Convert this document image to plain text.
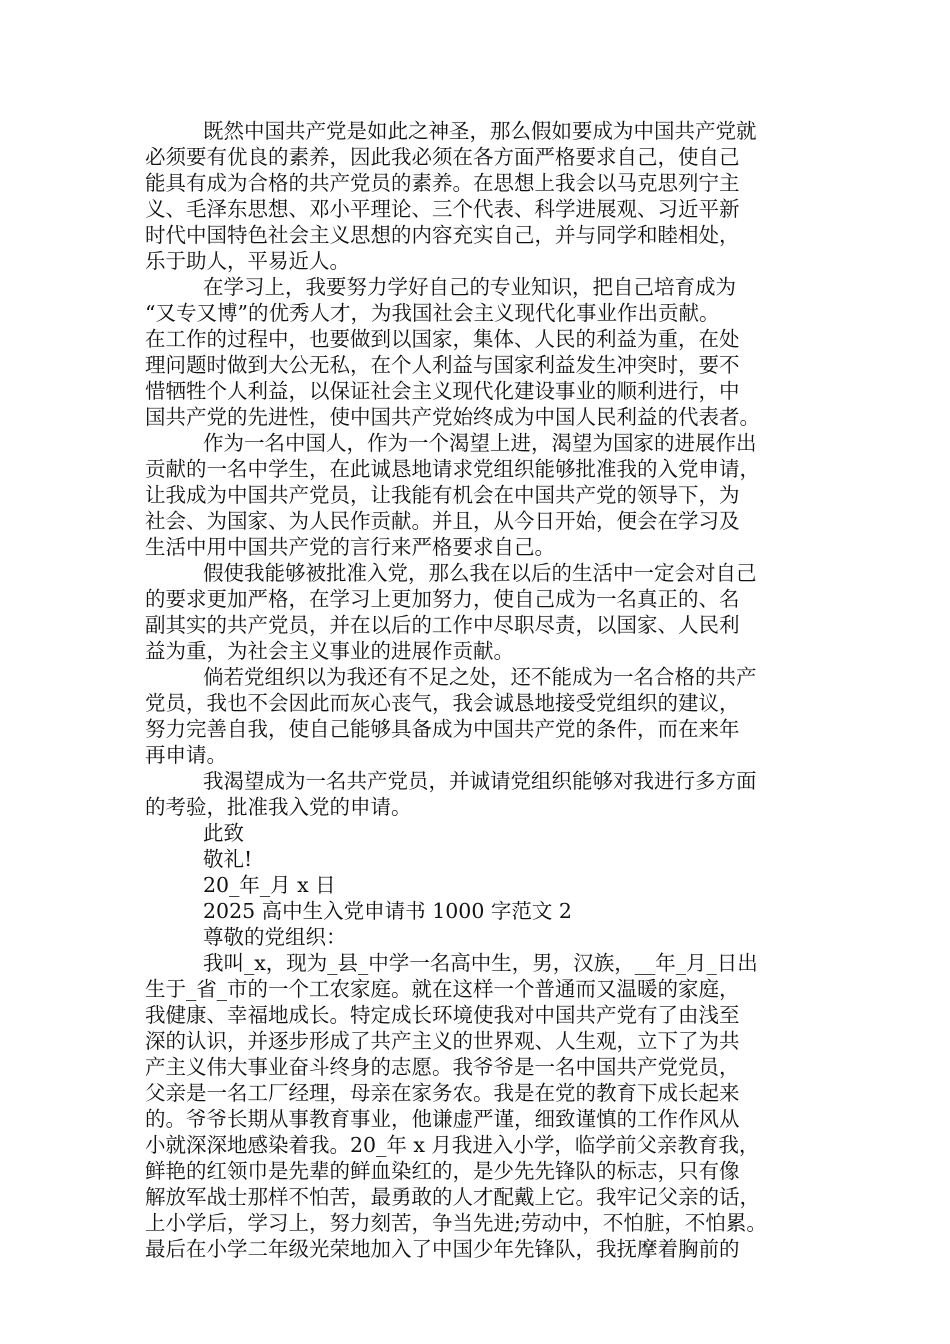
既然中国共产党是如此之神圣，那么假如要成为中国共产党就
必须要有优良的素养，因此我必须在各方面严格要求自己，使自己
能具有成为合格的共产党员的素养。在思想上我会以马克思列宁主
义、毛泽东思想、邓小平理论、三个代表、科学进展观、习近平新
时代中国特色社会主义思想的内容充实自己，并与同学和睦相处，
乐于助人，平易近人。
在学习上，我要努力学好自己的专业知识，把自己培育成为
“又专又博”的优秀人才，为我国社会主义现代化事业作出贡献。
在工作的过程中，也要做到以国家，集体、人民的利益为重，在处
理问题时做到大公无私，在个人利益与国家利益发生冲突时，要不
惜牺牲个人利益，以保证社会主义现代化建设事业的顺利进行，中
国共产党的先进性，使中国共产党始终成为中国人民利益的代表者。
作为一名中国人，作为一个渴望上进，渴望为国家的进展作出
贡献的一名中学生，在此诚恳地请求党组织能够批准我的入党申请，
让我成为中国共产党员，让我能有机会在中国共产党的领导下，为
社会、为国家、为人民作贡献。并且，从今日开始，便会在学习及
生活中用中国共产党的言行来严格要求自己。
假使我能够被批准入党，那么我在以后的生活中一定会对自己
的要求更加严格，在学习上更加努力，使自己成为一名真正的、名
副其实的共产党员，并在以后的工作中尽职尽责，以国家、人民利
益为重，为社会主义事业的进展作贡献。
倘若党组织以为我还有不足之处，还不能成为一名合格的共产
党员，我也不会因此而灰心丧气，我会诚恳地接受党组织的建议，
努力完善自我，使自己能够具备成为中国共产党的条件，而在来年
再申请。
我渴望成为一名共产党员，并诚请党组织能够对我进行多方面
的考验，批准我入党的申请。
此致
敬礼!
20_年_月 x 日
2025 高中生入党申请书 1000 字范文 2
尊敬的党组织：
我叫_x，现为_县_中学一名高中生，男，汉族，__年_月_日出
生于_省_市的一个工农家庭。就在这样一个普通而又温暖的家庭，
我健康、幸福地成长。特定成长环境使我对中国共产党有了由浅至
深的认识，并逐步形成了共产主义的世界观、人生观，立下了为共
产主义伟大事业奋斗终身的志愿。我爷爷是一名中国共产党党员，
父亲是一名工厂经理，母亲在家务农。我是在党的教育下成长起来
的。爷爷长期从事教育事业，他谦虚严谨，细致谨慎的工作作风从
小就深深地感染着我。20_年 x 月我进入小学，临学前父亲教育我，
鲜艳的红领巾是先辈的鲜血染红的，是少先先锋队的标志，只有像
解放军战士那样不怕苦，最勇敢的人才配戴上它。我牢记父亲的话，
上小学后，学习上，努力刻苦，争当先进;劳动中，不怕脏，不怕累。
最后在小学二年级光荣地加入了中国少年先锋队，我抚摩着胸前的
